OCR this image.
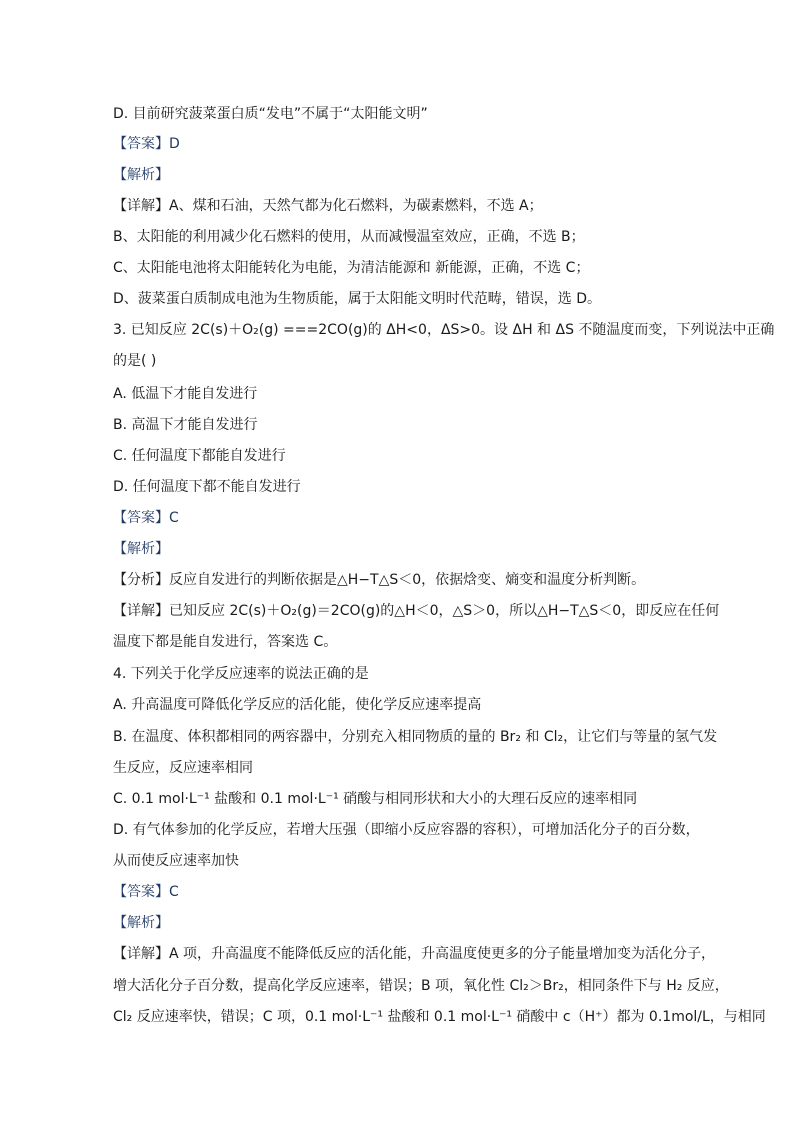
D. 目前研究菠菜蛋白质“发电”不属于“太阳能文明”
【答案】D
【解析】
【详解】A、煤和石油，天然气都为化石燃料，为碳素燃料，不选 A；
B、太阳能的利用减少化石燃料的使用，从而减慢温室效应，正确，不选 B；
C、太阳能电池将太阳能转化为电能，为清洁能源和 新能源，正确，不选 C；
D、菠菜蛋白质制成电池为生物质能，属于太阳能文明时代范畴，错误，选 D。
3. 已知反应 2C(s)＋O₂(g) ===2CO(g)的 ΔH<0，ΔS>0。设 ΔH 和 ΔS 不随温度而变，下列说法中正确
的是( )
A. 低温下才能自发进行
B. 高温下才能自发进行
C. 任何温度下都能自发进行
D. 任何温度下都不能自发进行
【答案】C
【解析】
【分析】反应自发进行的判断依据是△H−T△S＜0，依据焓变、熵变和温度分析判断。
【详解】已知反应 2C(s)＋O₂(g)＝2CO(g)的△H＜0，△S＞0，所以△H−T△S＜0，即反应在任何
温度下都是能自发进行，答案选 C。
4. 下列关于化学反应速率的说法正确的是
A. 升高温度可降低化学反应的活化能，使化学反应速率提高
B. 在温度、体积都相同的两容器中，分别充入相同物质的量的 Br₂ 和 Cl₂，让它们与等量的氢气发
生反应，反应速率相同
C. 0.1 mol·L⁻¹ 盐酸和 0.1 mol·L⁻¹ 硝酸与相同形状和大小的大理石反应的速率相同
D. 有气体参加的化学反应，若增大压强（即缩小反应容器的容积），可增加活化分子的百分数，
从而使反应速率加快
【答案】C
【解析】
【详解】A 项，升高温度不能降低反应的活化能，升高温度使更多的分子能量增加变为活化分子，
增大活化分子百分数，提高化学反应速率，错误；B 项，氧化性 Cl₂＞Br₂，相同条件下与 H₂ 反应，
Cl₂ 反应速率快，错误；C 项，0.1 mol·L⁻¹ 盐酸和 0.1 mol·L⁻¹ 硝酸中 c（H⁺）都为 0.1mol/L，与相同
